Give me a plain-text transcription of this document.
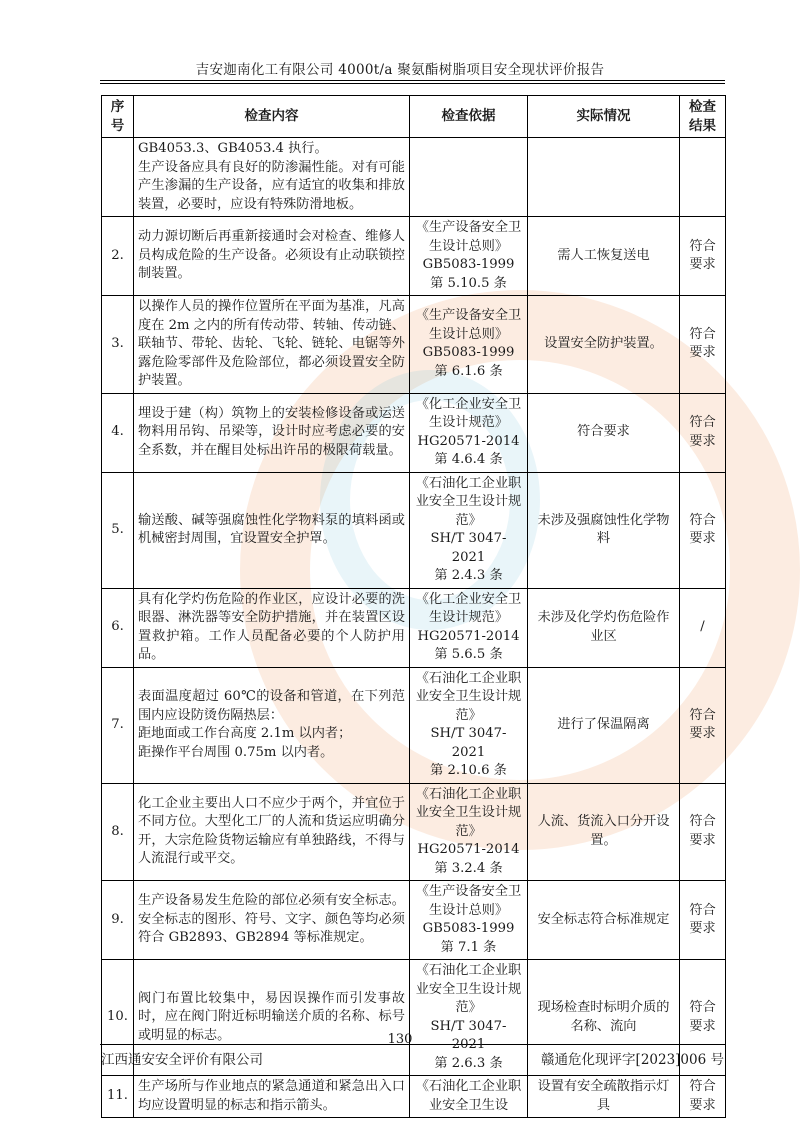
吉安迦南化工有限公司 4000t/a 聚氨酯树脂项目安全现状评价报告
序
号	检查内容	检查依据	实际情况	检查
结果
	GB4053.3、GB4053.4 执行。
生产设备应具有良好的防渗漏性能。对有可能产生渗漏的生产设备，应有适宜的收集和排放装置，必要时，应设有特殊防滑地板。			
2.	动力源切断后再重新接通时会对检查、维修人员构成危险的生产设备。必须设有止动联锁控制装置。	《生产设备安全卫生设计总则》
GB5083-1999
第 5.10.5 条	需人工恢复送电	符合
要求
3.	以操作人员的操作位置所在平面为基准，凡高度在 2m 之内的所有传动带、转轴、传动链、联轴节、带轮、齿轮、飞轮、链轮、电锯等外露危险零部件及危险部位，都必须设置安全防护装置。	《生产设备安全卫生设计总则》
GB5083-1999
第 6.1.6 条	设置安全防护装置。	符合
要求
4.	埋设于建（构）筑物上的安装检修设备或运送物料用吊钩、吊梁等，设计时应考虑必要的安全系数，并在醒目处标出许吊的极限荷载量。	《化工企业安全卫生设计规范》
HG20571-2014
第 4.6.4 条	符合要求	符合
要求
5.	输送酸、碱等强腐蚀性化学物料泵的填料函或机械密封周围，宜设置安全护罩。	《石油化工企业职业安全卫生设计规范》
SH/T 3047-2021
第 2.4.3 条	未涉及强腐蚀性化学物料	符合
要求
6.	具有化学灼伤危险的作业区，应设计必要的洗眼器、淋洗器等安全防护措施，并在装置区设置救护箱。工作人员配备必要的个人防护用品。	《化工企业安全卫生设计规范》
HG20571-2014
第 5.6.5 条	未涉及化学灼伤危险作业区	/
7.	表面温度超过 60℃的设备和管道，在下列范围内应设防烫伤隔热层：
距地面或工作台高度 2.1m 以内者；
距操作平台周围 0.75m 以内者。	《石油化工企业职业安全卫生设计规范》
SH/T 3047-2021
第 2.10.6 条	进行了保温隔离	符合
要求
8.	化工企业主要出人口不应少于两个，并宜位于不同方位。大型化工厂的人流和货运应明确分开，大宗危险货物运输应有单独路线，不得与人流混行或平交。	《石油化工企业职业安全卫生设计规范》
HG20571-2014
第 3.2.4 条	人流、货流入口分开设置。	符合
要求
9.	生产设备易发生危险的部位必须有安全标志。安全标志的图形、符号、文字、颜色等均必须符合 GB2893、GB2894 等标准规定。	《生产设备安全卫生设计总则》
GB5083-1999
第 7.1 条	安全标志符合标准规定	符合
要求
10.	阀门布置比较集中，易因误操作而引发事故时，应在阀门附近标明输送介质的名称、标号或明显的标志。	《石油化工企业职业安全卫生设计规范》
SH/T 3047-2021
第 2.6.3 条	现场检查时标明介质的名称、流向	符合
要求
11.	生产场所与作业地点的紧急通道和紧急出入口均应设置明显的标志和指示箭头。	《石油化工企业职业安全卫生设	设置有安全疏散指示灯具	符合
要求
130
江西通安安全评价有限公司	赣通危化现评字[2023]006 号
